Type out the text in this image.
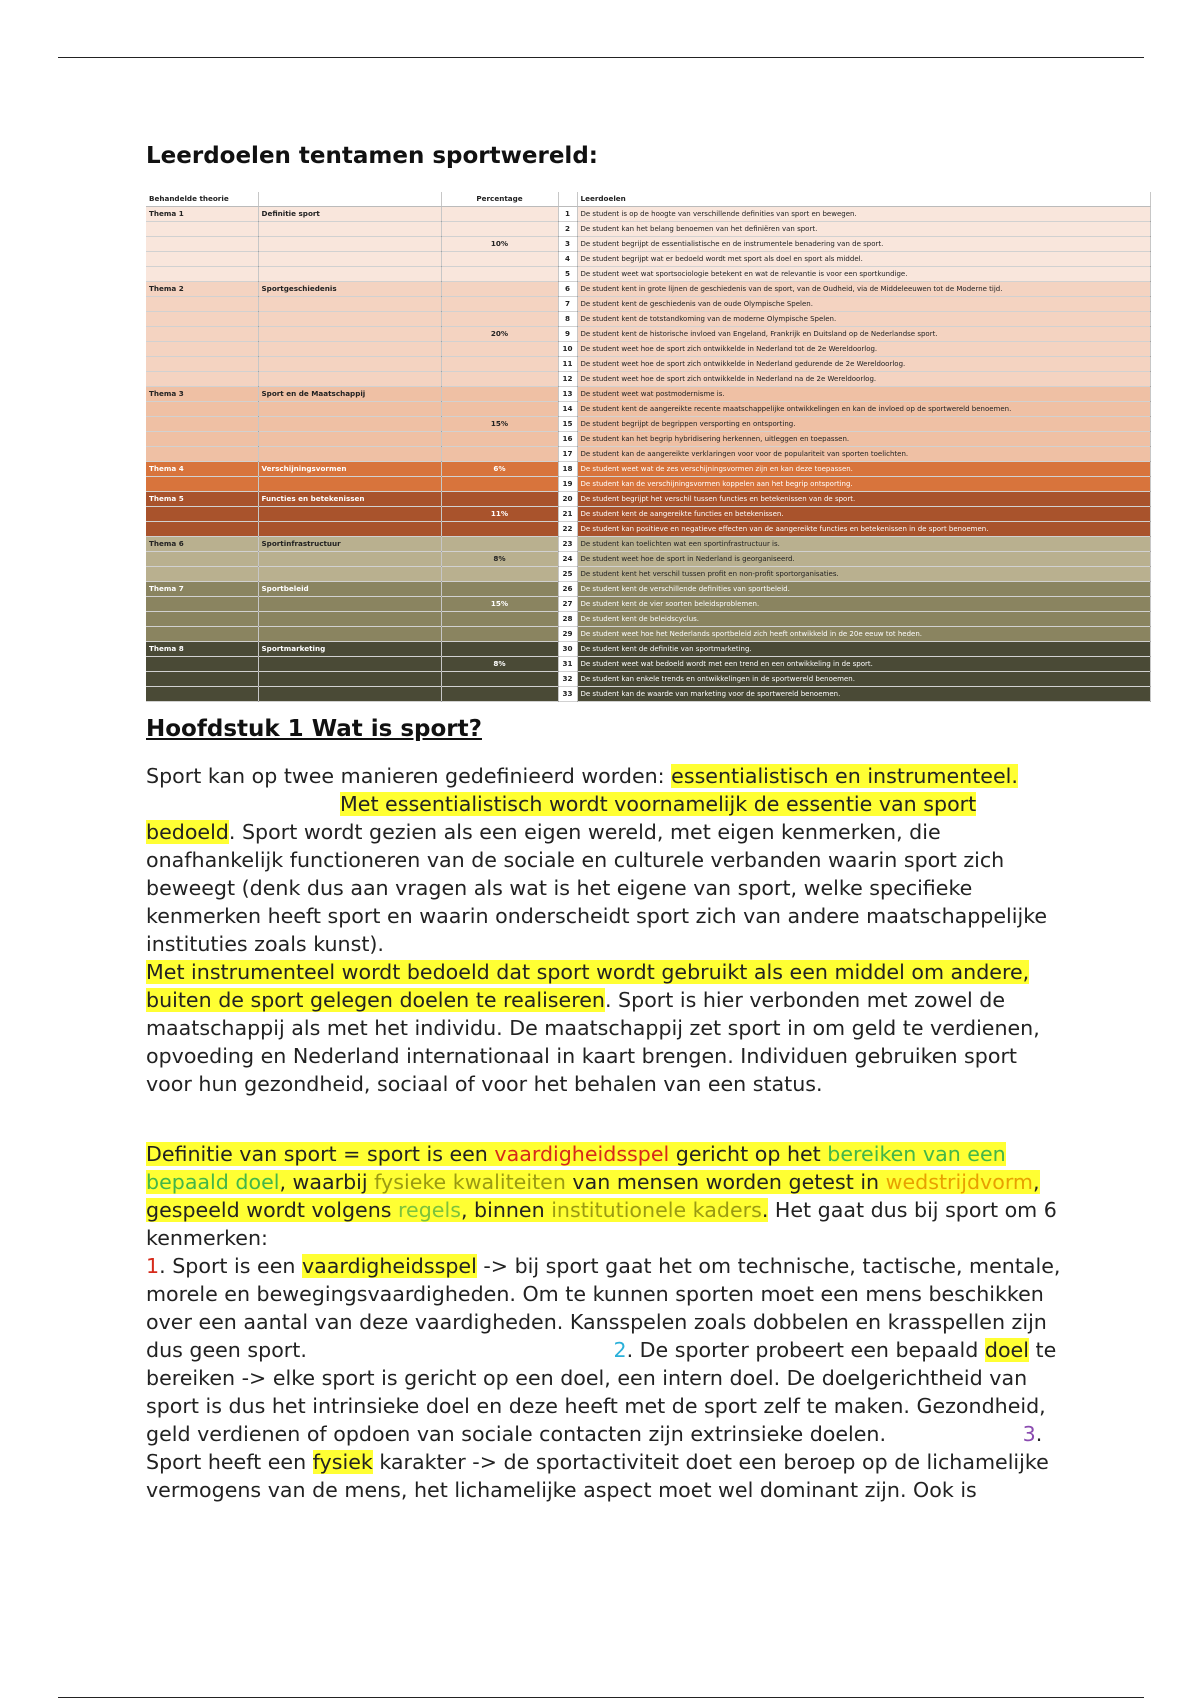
Leerdoelen tentamen sportwereld:
Behandelde theorie		Percentage		Leerdoelen
Thema 1	Definitie sport		1	De student is op de hoogte van verschillende definities van sport en bewegen.
			2	De student kan het belang benoemen van het definiëren van sport.
		10%	3	De student begrijpt de essentialistische en de instrumentele benadering van de sport.
			4	De student begrijpt wat er bedoeld wordt met sport als doel en sport als middel.
			5	De student weet wat sportsociologie betekent en wat de relevantie is voor een sportkundige.
Thema 2	Sportgeschiedenis		6	De student kent in grote lijnen de geschiedenis van de sport, van de Oudheid, via de Middeleeuwen tot de Moderne tijd.
			7	De student kent de geschiedenis van de oude Olympische Spelen.
			8	De student kent de totstandkoming van de moderne Olympische Spelen.
		20%	9	De student kent de historische invloed van Engeland, Frankrijk en Duitsland op de Nederlandse sport.
			10	De student weet hoe de sport zich ontwikkelde in Nederland tot de 2e Wereldoorlog.
			11	De student weet hoe de sport zich ontwikkelde in Nederland gedurende de 2e Wereldoorlog.
			12	De student weet hoe de sport zich ontwikkelde in Nederland na de 2e Wereldoorlog.
Thema 3	Sport en de Maatschappij		13	De student weet wat postmodernisme is.
			14	De student kent de aangereikte recente maatschappelijke ontwikkelingen en kan de invloed op de sportwereld benoemen.
		15%	15	De student begrijpt de begrippen versporting en ontsporting.
			16	De student kan het begrip hybridisering herkennen, uitleggen en toepassen.
			17	De student kan de aangereikte verklaringen voor voor de populariteit van sporten toelichten.
Thema 4	Verschijningsvormen	6%	18	De student weet wat de zes verschijningsvormen zijn en kan deze toepassen.
			19	De student kan de verschijningsvormen koppelen aan het begrip ontsporting.
Thema 5	Functies en betekenissen		20	De student begrijpt het verschil tussen functies en betekenissen van de sport.
		11%	21	De student kent de aangereikte functies en betekenissen.
			22	De student kan positieve en negatieve effecten van de aangereikte functies en betekenissen in de sport benoemen.
Thema 6	Sportinfrastructuur		23	De student kan toelichten wat een sportinfrastructuur is.
		8%	24	De student weet hoe de sport in Nederland is georganiseerd.
			25	De student kent het verschil tussen profit en non-profit sportorganisaties.
Thema 7	Sportbeleid		26	De student kent de verschillende definities van sportbeleid.
		15%	27	De student kent de vier soorten beleidsproblemen.
			28	De student kent de beleidscyclus.
			29	De student weet hoe het Nederlands sportbeleid zich heeft ontwikkeld in de 20e eeuw tot heden.
Thema 8	Sportmarketing		30	De student kent de definitie van sportmarketing.
		8%	31	De student weet wat bedoeld wordt met een trend en een ontwikkeling in de sport.
			32	De student kan enkele trends en ontwikkelingen in de sportwereld benoemen.
			33	De student kan de waarde van marketing voor de sportwereld benoemen.
Hoofdstuk 1 Wat is sport?
Sport kan op twee manieren gedefinieerd worden: essentialistisch en instrumenteel.Met essentialistisch wordt voornamelijk de essentie van sport bedoeld. Sport wordt gezien als een eigen wereld, met eigen kenmerken, die onafhankelijk functioneren van de sociale en culturele verbanden waarin sport zich beweegt (denk dus aan vragen als wat is het eigene van sport, welke specifieke kenmerken heeft sport en waarin onderscheidt sport zich van andere maatschappelijke instituties zoals kunst).
Met instrumenteel wordt bedoeld dat sport wordt gebruikt als een middel om andere, buiten de sport gelegen doelen te realiseren. Sport is hier verbonden met zowel de maatschappij als met het individu. De maatschappij zet sport in om geld te verdienen, opvoeding en Nederland internationaal in kaart brengen. Individuen gebruiken sport voor hun gezondheid, sociaal of voor het behalen van een status.
Definitie van sport = sport is een vaardigheidsspel gericht op het bereiken van een bepaald doel, waarbij fysieke kwaliteiten van mensen worden getest in wedstrijdvorm, gespeeld wordt volgens regels, binnen institutionele kaders. Het gaat dus bij sport om 6 kenmerken:
1. Sport is een vaardigheidsspel -> bij sport gaat het om technische, tactische, mentale, morele en bewegingsvaardigheden. Om te kunnen sporten moet een mens beschikken over een aantal van deze vaardigheden. Kansspelen zoals dobbelen en krasspellen zijn dus geen sport.	2. De sporter probeert een bepaald doel te bereiken -> elke sport is gericht op een doel, een intern doel. De doelgerichtheid van sport is dus het intrinsieke doel en deze heeft met de sport zelf te maken. Gezondheid, geld verdienen of opdoen van sociale contacten zijn extrinsieke doelen.	3. Sport heeft een fysiek karakter -> de sportactiviteit doet een beroep op de lichamelijke vermogens van de mens, het lichamelijke aspect moet wel dominant zijn. Ook is
